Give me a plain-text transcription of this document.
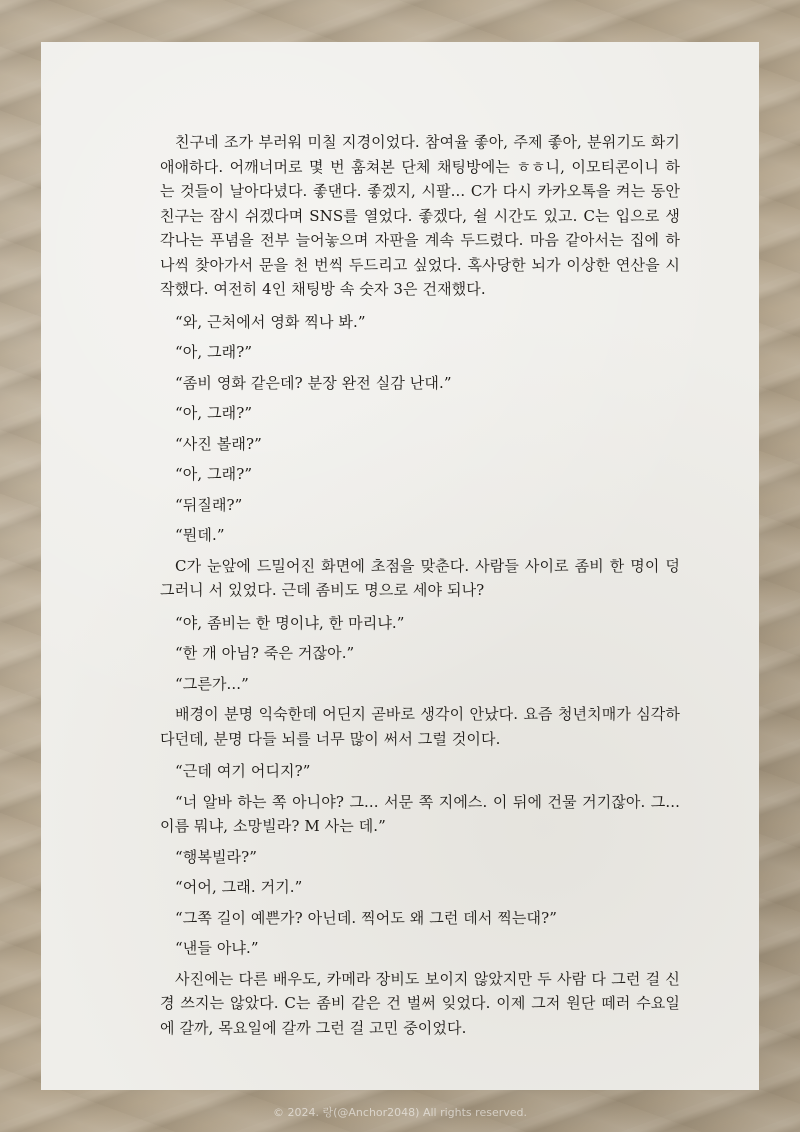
친구네 조가 부러워 미칠 지경이었다. 참여율 좋아, 주제 좋아, 분위기도 화기애애하다. 어깨너머로 몇 번 훔쳐본 단체 채팅방에는 ㅎㅎ니, 이모티콘이니 하는 것들이 날아다녔다. 좋댄다. 좋겠지, 시팔... C가 다시 카카오톡을 켜는 동안 친구는 잠시 쉬겠다며 SNS를 열었다. 좋겠다, 쉴 시간도 있고. C는 입으로 생각나는 푸념을 전부 늘어놓으며 자판을 계속 두드렸다. 마음 같아서는 집에 하나씩 찾아가서 문을 천 번씩 두드리고 싶었다. 혹사당한 뇌가 이상한 연산을 시작했다. 여전히 4인 채팅방 속 숫자 3은 건재했다.

“와, 근처에서 영화 찍나 봐.”

“아, 그래?”

“좀비 영화 같은데? 분장 완전 실감 난대.”

“아, 그래?”

“사진 볼래?”

“아, 그래?”

“뒤질래?”

“뭔데.”

C가 눈앞에 드밀어진 화면에 초점을 맞춘다. 사람들 사이로 좀비 한 명이 덩그러니 서 있었다. 근데 좀비도 명으로 세야 되나?

“야, 좀비는 한 명이냐, 한 마리냐.”

“한 개 아님? 죽은 거잖아.”

“그른가...”

배경이 분명 익숙한데 어딘지 곧바로 생각이 안났다. 요즘 청년치매가 심각하다던데, 분명 다들 뇌를 너무 많이 써서 그럴 것이다.

“근데 여기 어디지?”

“너 알바 하는 쪽 아니야? 그... 서문 쪽 지에스. 이 뒤에 건물 거기잖아. 그... 이름 뭐냐, 소망빌라? M 사는 데.”

“행복빌라?”

“어어, 그래. 거기.”

“그쪽 길이 예쁜가? 아닌데. 찍어도 왜 그런 데서 찍는대?”

“낸들 아냐.”

사진에는 다른 배우도, 카메라 장비도 보이지 않았지만 두 사람 다 그런 걸 신경 쓰지는 않았다. C는 좀비 같은 건 벌써 잊었다. 이제 그저 원단 떼러 수요일에 갈까, 목요일에 갈까 그런 걸 고민 중이었다.

© 2024. 랑(@Anchor2048) All rights reserved.
